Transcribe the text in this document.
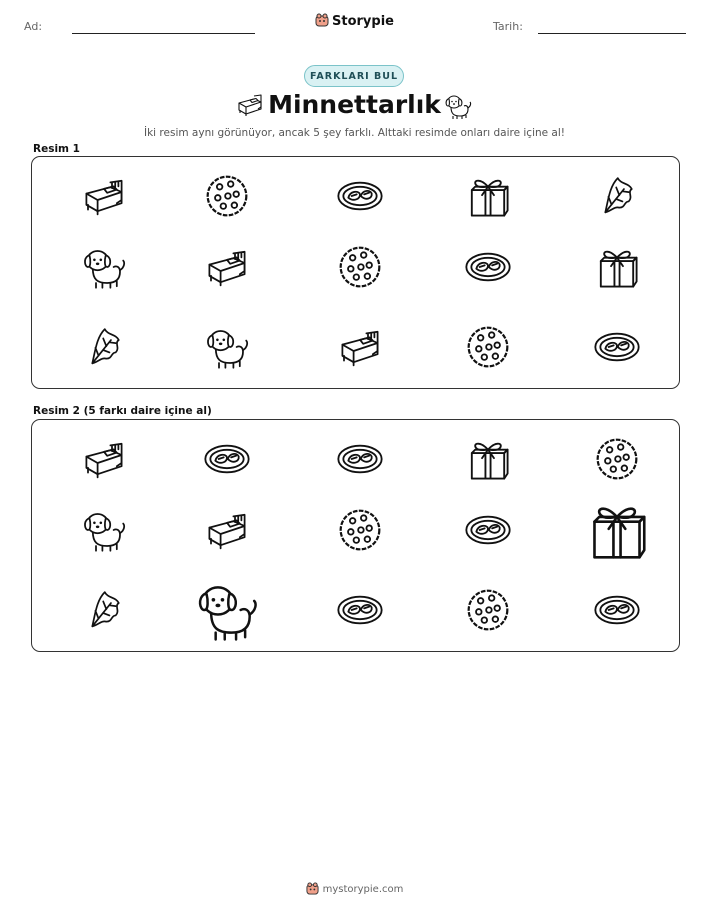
Ad:	Storypie	Tarih:
FARKLARI BUL
Minnettarlık
İki resim aynı görünüyor, ancak 5 şey farklı. Alttaki resimde onları daire içine al!
Resim 1
Resim 2 (5 farkı daire içine al)
mystorypie.com
